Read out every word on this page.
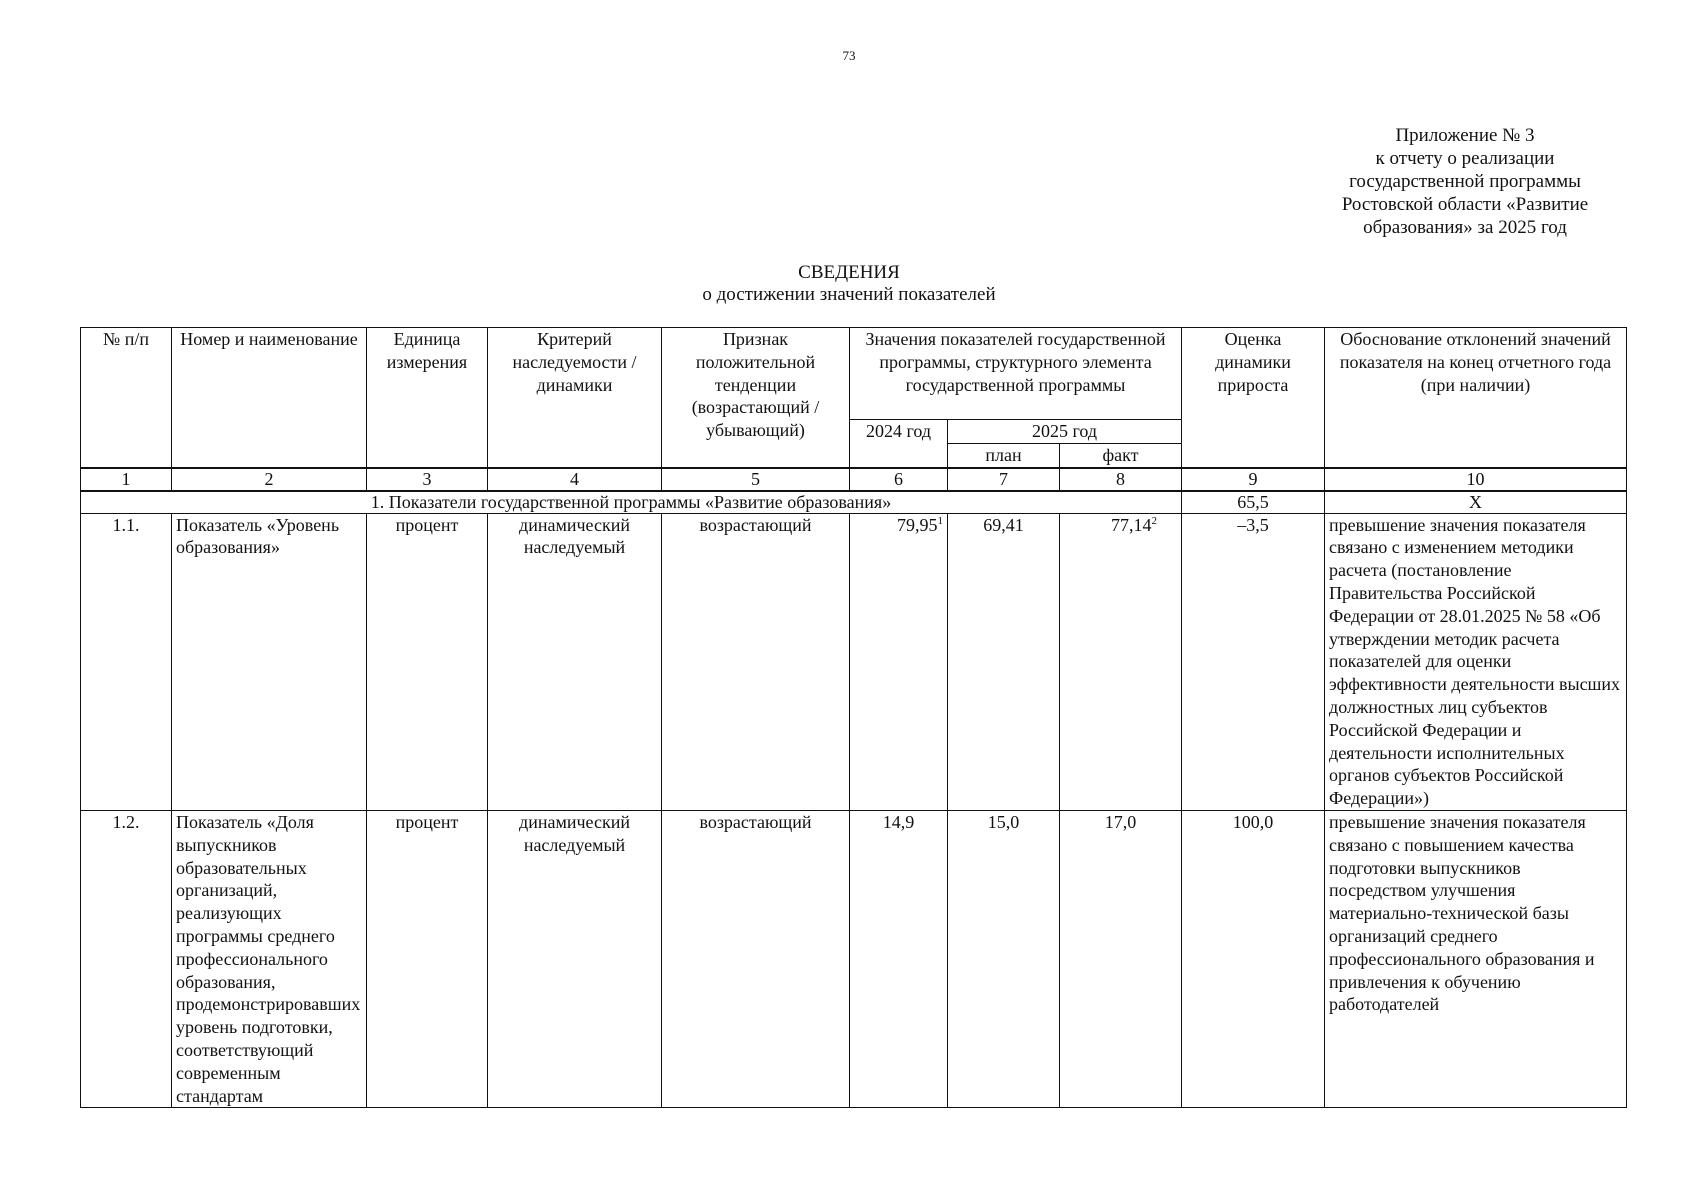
73
Приложение № 3
к отчету о реализации
государственной программы
Ростовской области «Развитие
образования» за 2025 год
СВЕДЕНИЯ
о достижении значений показателей
№ п/п	Номер и наименование	Единица измерения	Критерий наследуемости / динамики	Признак положительной тенденции (возрастающий / убывающий)	Значения показателей государственной программы, структурного элемента государственной программы			Оценка динамики прироста	Обоснование отклонений значений показателя на конец отчетного года (при наличии)
					2024 год	2025 год			
						план	факт		
1	2	3	4	5	6	7	8	9	10
1. Показатели государственной программы «Развитие образования»								65,5	Х
1.1.	Показатель «Уровень образования»	процент	динамический наследуемый	возрастающий	79,95$^1$	69,41	77,14$^2$	–3,5	превышение значения показателя связано с изменением методики расчета (постановление Правительства Российской Федерации от 28.01.2025 № 58 «Об утверждении методик расчета показателей для оценки эффективности деятельности высших должностных лиц субъектов Российской Федерации и деятельности исполнительных органов субъектов Российской Федерации»)
1.2.	Показатель «Доля выпускников образовательных организаций, реализующих программы среднего профессионального образования, продемонстрировавших уровень подготовки, соответствующий современным стандартам	процент	динамический наследуемый	возрастающий	14,9	15,0	17,0	100,0	превышение значения показателя связано с повышением качества подготовки выпускников посредством улучшения материально-технической базы организаций среднего профессионального образования и привлечения к обучению работодателей
